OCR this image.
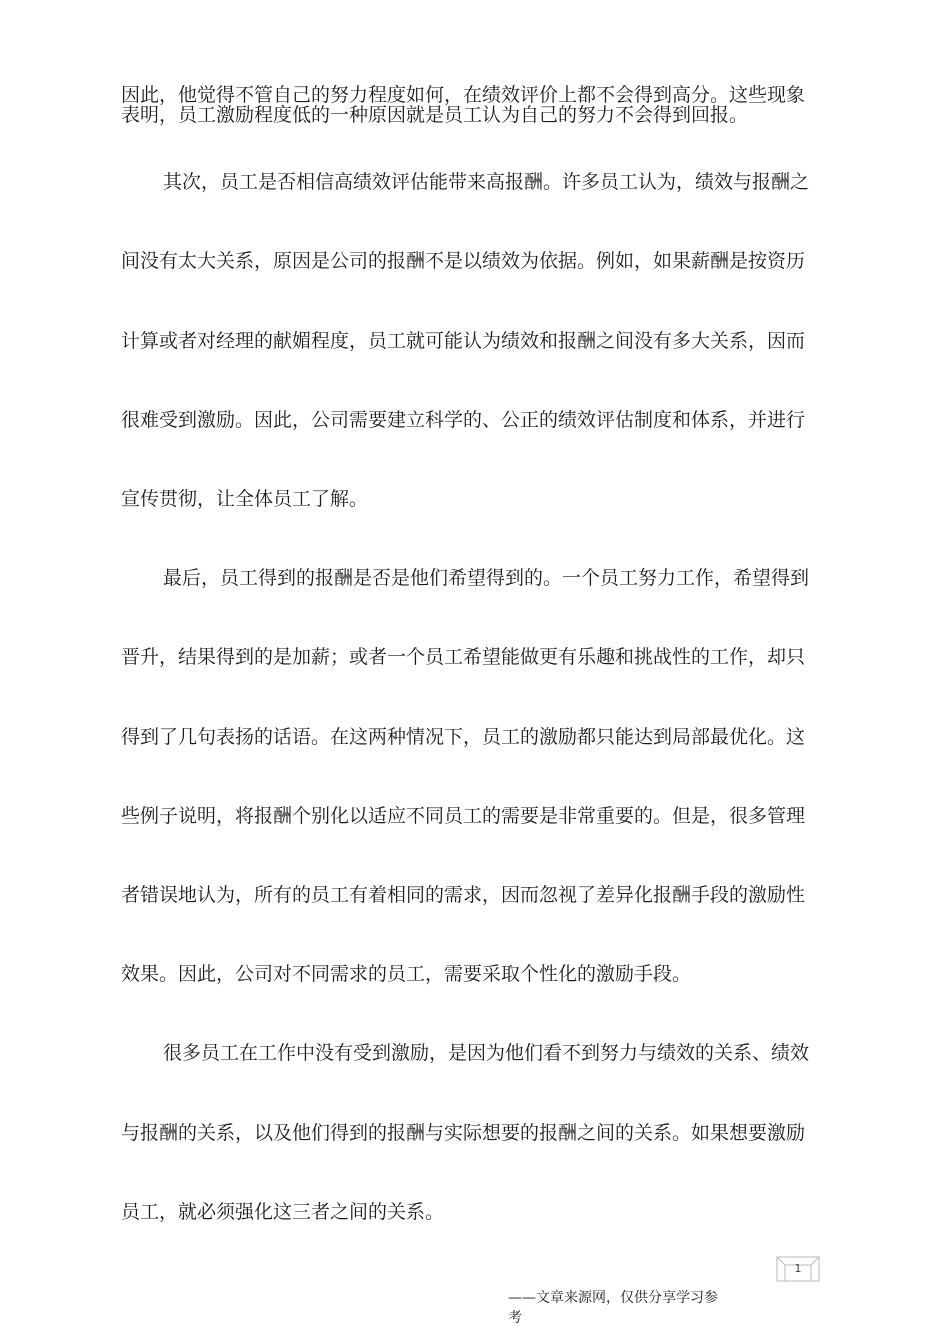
因此，他觉得不管自己的努力程度如何，在绩效评价上都不会得到高分。这些现象
表明，员工激励程度低的一种原因就是员工认为自己的努力不会得到回报。
其次，员工是否相信高绩效评估能带来高报酬。许多员工认为，绩效与报酬之
间没有太大关系，原因是公司的报酬不是以绩效为依据。例如，如果薪酬是按资历
计算或者对经理的献媚程度，员工就可能认为绩效和报酬之间没有多大关系，因而
很难受到激励。因此，公司需要建立科学的、公正的绩效评估制度和体系，并进行
宣传贯彻，让全体员工了解。
最后，员工得到的报酬是否是他们希望得到的。一个员工努力工作，希望得到
晋升，结果得到的是加薪；或者一个员工希望能做更有乐趣和挑战性的工作，却只
得到了几句表扬的话语。在这两种情况下，员工的激励都只能达到局部最优化。这
些例子说明，将报酬个别化以适应不同员工的需要是非常重要的。但是，很多管理
者错误地认为，所有的员工有着相同的需求，因而忽视了差异化报酬手段的激励性
效果。因此，公司对不同需求的员工，需要采取个性化的激励手段。
很多员工在工作中没有受到激励，是因为他们看不到努力与绩效的关系、绩效
与报酬的关系，以及他们得到的报酬与实际想要的报酬之间的关系。如果想要激励
员工，就必须强化这三者之间的关系。
1
——文章来源网，仅供分享学习参
考
